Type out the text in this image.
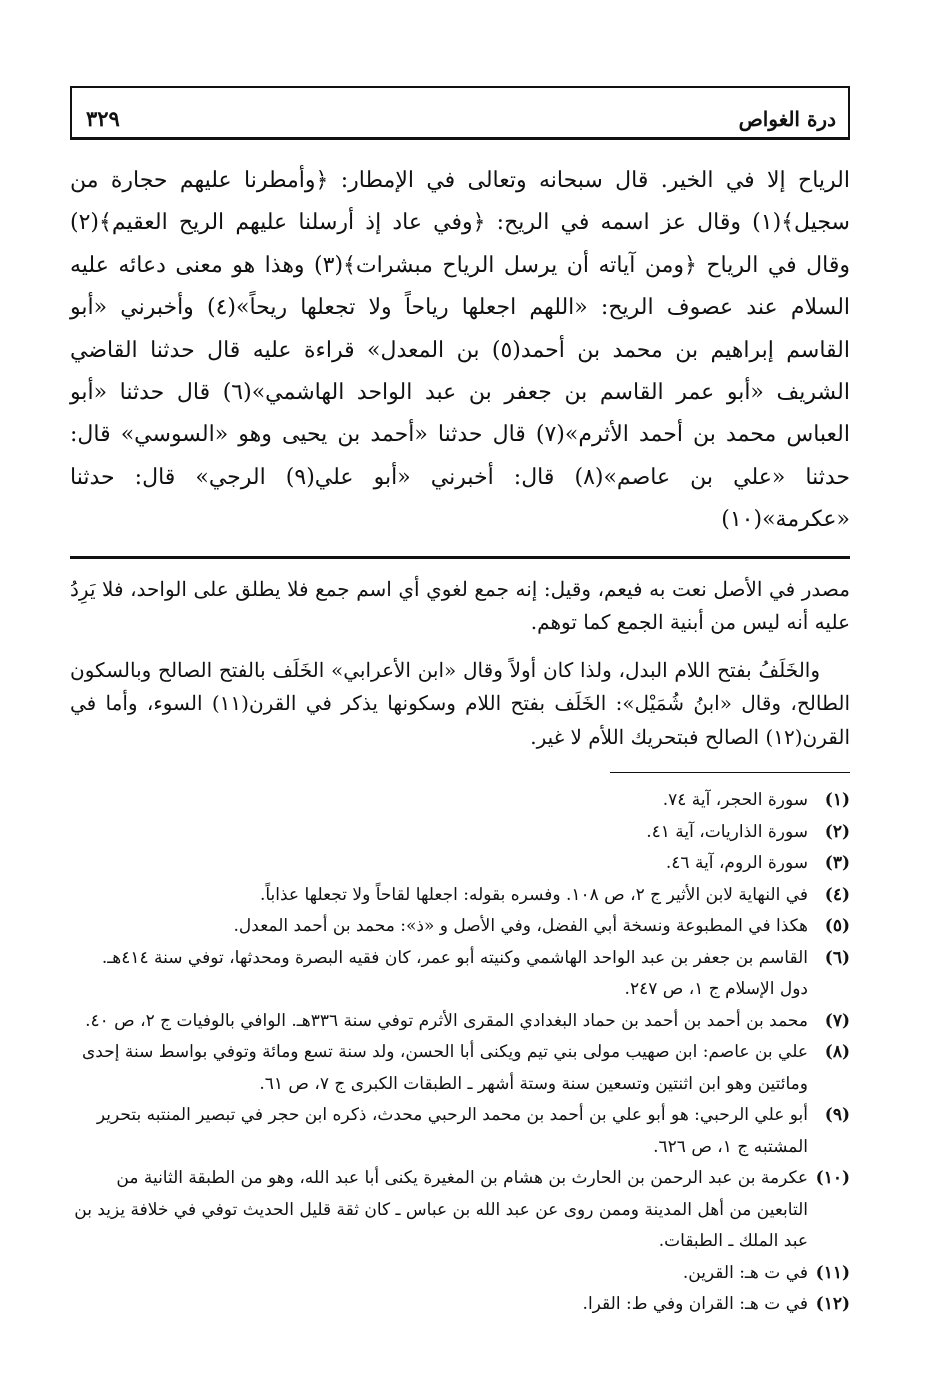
درة الغواص
٣٢٩

الرياح إلا في الخير. قال سبحانه وتعالى في الإمطار: ﴿وأمطرنا عليهم حجارة من سجيل﴾(١) وقال عز اسمه في الريح: ﴿وفي عاد إذ أرسلنا عليهم الريح العقيم﴾(٢) وقال في الرياح ﴿ومن آياته أن يرسل الرياح مبشرات﴾(٣) وهذا هو معنى دعائه عليه السلام عند عصوف الريح: «اللهم اجعلها رياحاً ولا تجعلها ريحاً»(٤) وأخبرني «أبو القاسم إبراهيم بن محمد بن أحمد(٥) بن المعدل» قراءة عليه قال حدثنا القاضي الشريف «أبو عمر القاسم بن جعفر بن عبد الواحد الهاشمي»(٦) قال حدثنا «أبو العباس محمد بن أحمد الأثرم»(٧) قال حدثنا «أحمد بن يحيى وهو «السوسي» قال: حدثنا «علي بن عاصم»(٨) قال: أخبرني «أبو علي(٩) الرجي» قال: حدثنا «عكرمة»(١٠)

مصدر في الأصل نعت به فيعم، وقيل: إنه جمع لغوي أي اسم جمع فلا يطلق على الواحد، فلا يَرِدُ عليه أنه ليس من أبنية الجمع كما توهم.

والخَلَفُ بفتح اللام البدل، ولذا كان أولاً وقال «ابن الأعرابي» الخَلَف بالفتح الصالح وبالسكون الطالح، وقال «ابنُ شُمَيْل»: الخَلَف بفتح اللام وسكونها يذكر في القرن(١١) السوء، وأما في القرن(١٢) الصالح فبتحريك اللأم لا غير.

(١)
سورة الحجر، آية ٧٤.
(٢)
سورة الذاريات، آية ٤١.
(٣)
سورة الروم، آية ٤٦.
(٤)
في النهاية لابن الأثير ج ٢، ص ١٠٨. وفسره بقوله: اجعلها لقاحاً ولا تجعلها عذاباً.
(٥)
هكذا في المطبوعة ونسخة أبي الفضل، وفي الأصل و «ذ»: محمد بن أحمد المعدل.
(٦)
القاسم بن جعفر بن عبد الواحد الهاشمي وكنيته أبو عمر، كان فقيه البصرة ومحدثها، توفي سنة ٤١٤هـ. دول الإسلام ج ١، ص ٢٤٧.
(٧)
محمد بن أحمد بن أحمد بن حماد البغدادي المقرى الأثرم توفي سنة ٣٣٦هـ. الوافي بالوفيات ج ٢، ص ٤٠.
(٨)
علي بن عاصم: ابن صهيب مولى بني تيم ويكنى أبا الحسن، ولد سنة تسع ومائة وتوفي بواسط سنة إحدى ومائتين وهو ابن اثنتين وتسعين سنة وستة أشهر ـ الطبقات الكبرى ج ٧، ص ٦١.
(٩)
أبو علي الرحبي: هو أبو علي بن أحمد بن محمد الرحبي محدث، ذكره ابن حجر في تبصير المنتبه بتحرير المشتبه ج ١، ص ٦٢٦.
(١٠)
عكرمة بن عبد الرحمن بن الحارث بن هشام بن المغيرة يكنى أبا عبد الله، وهو من الطبقة الثانية من التابعين من أهل المدينة وممن روى عن عبد الله بن عباس ـ كان ثقة قليل الحديث توفي في خلافة يزيد بن عبد الملك ـ الطبقات.
(١١)
في ت هـ: القرين.
(١٢)
في ت هـ: القران وفي ط: القرا.
